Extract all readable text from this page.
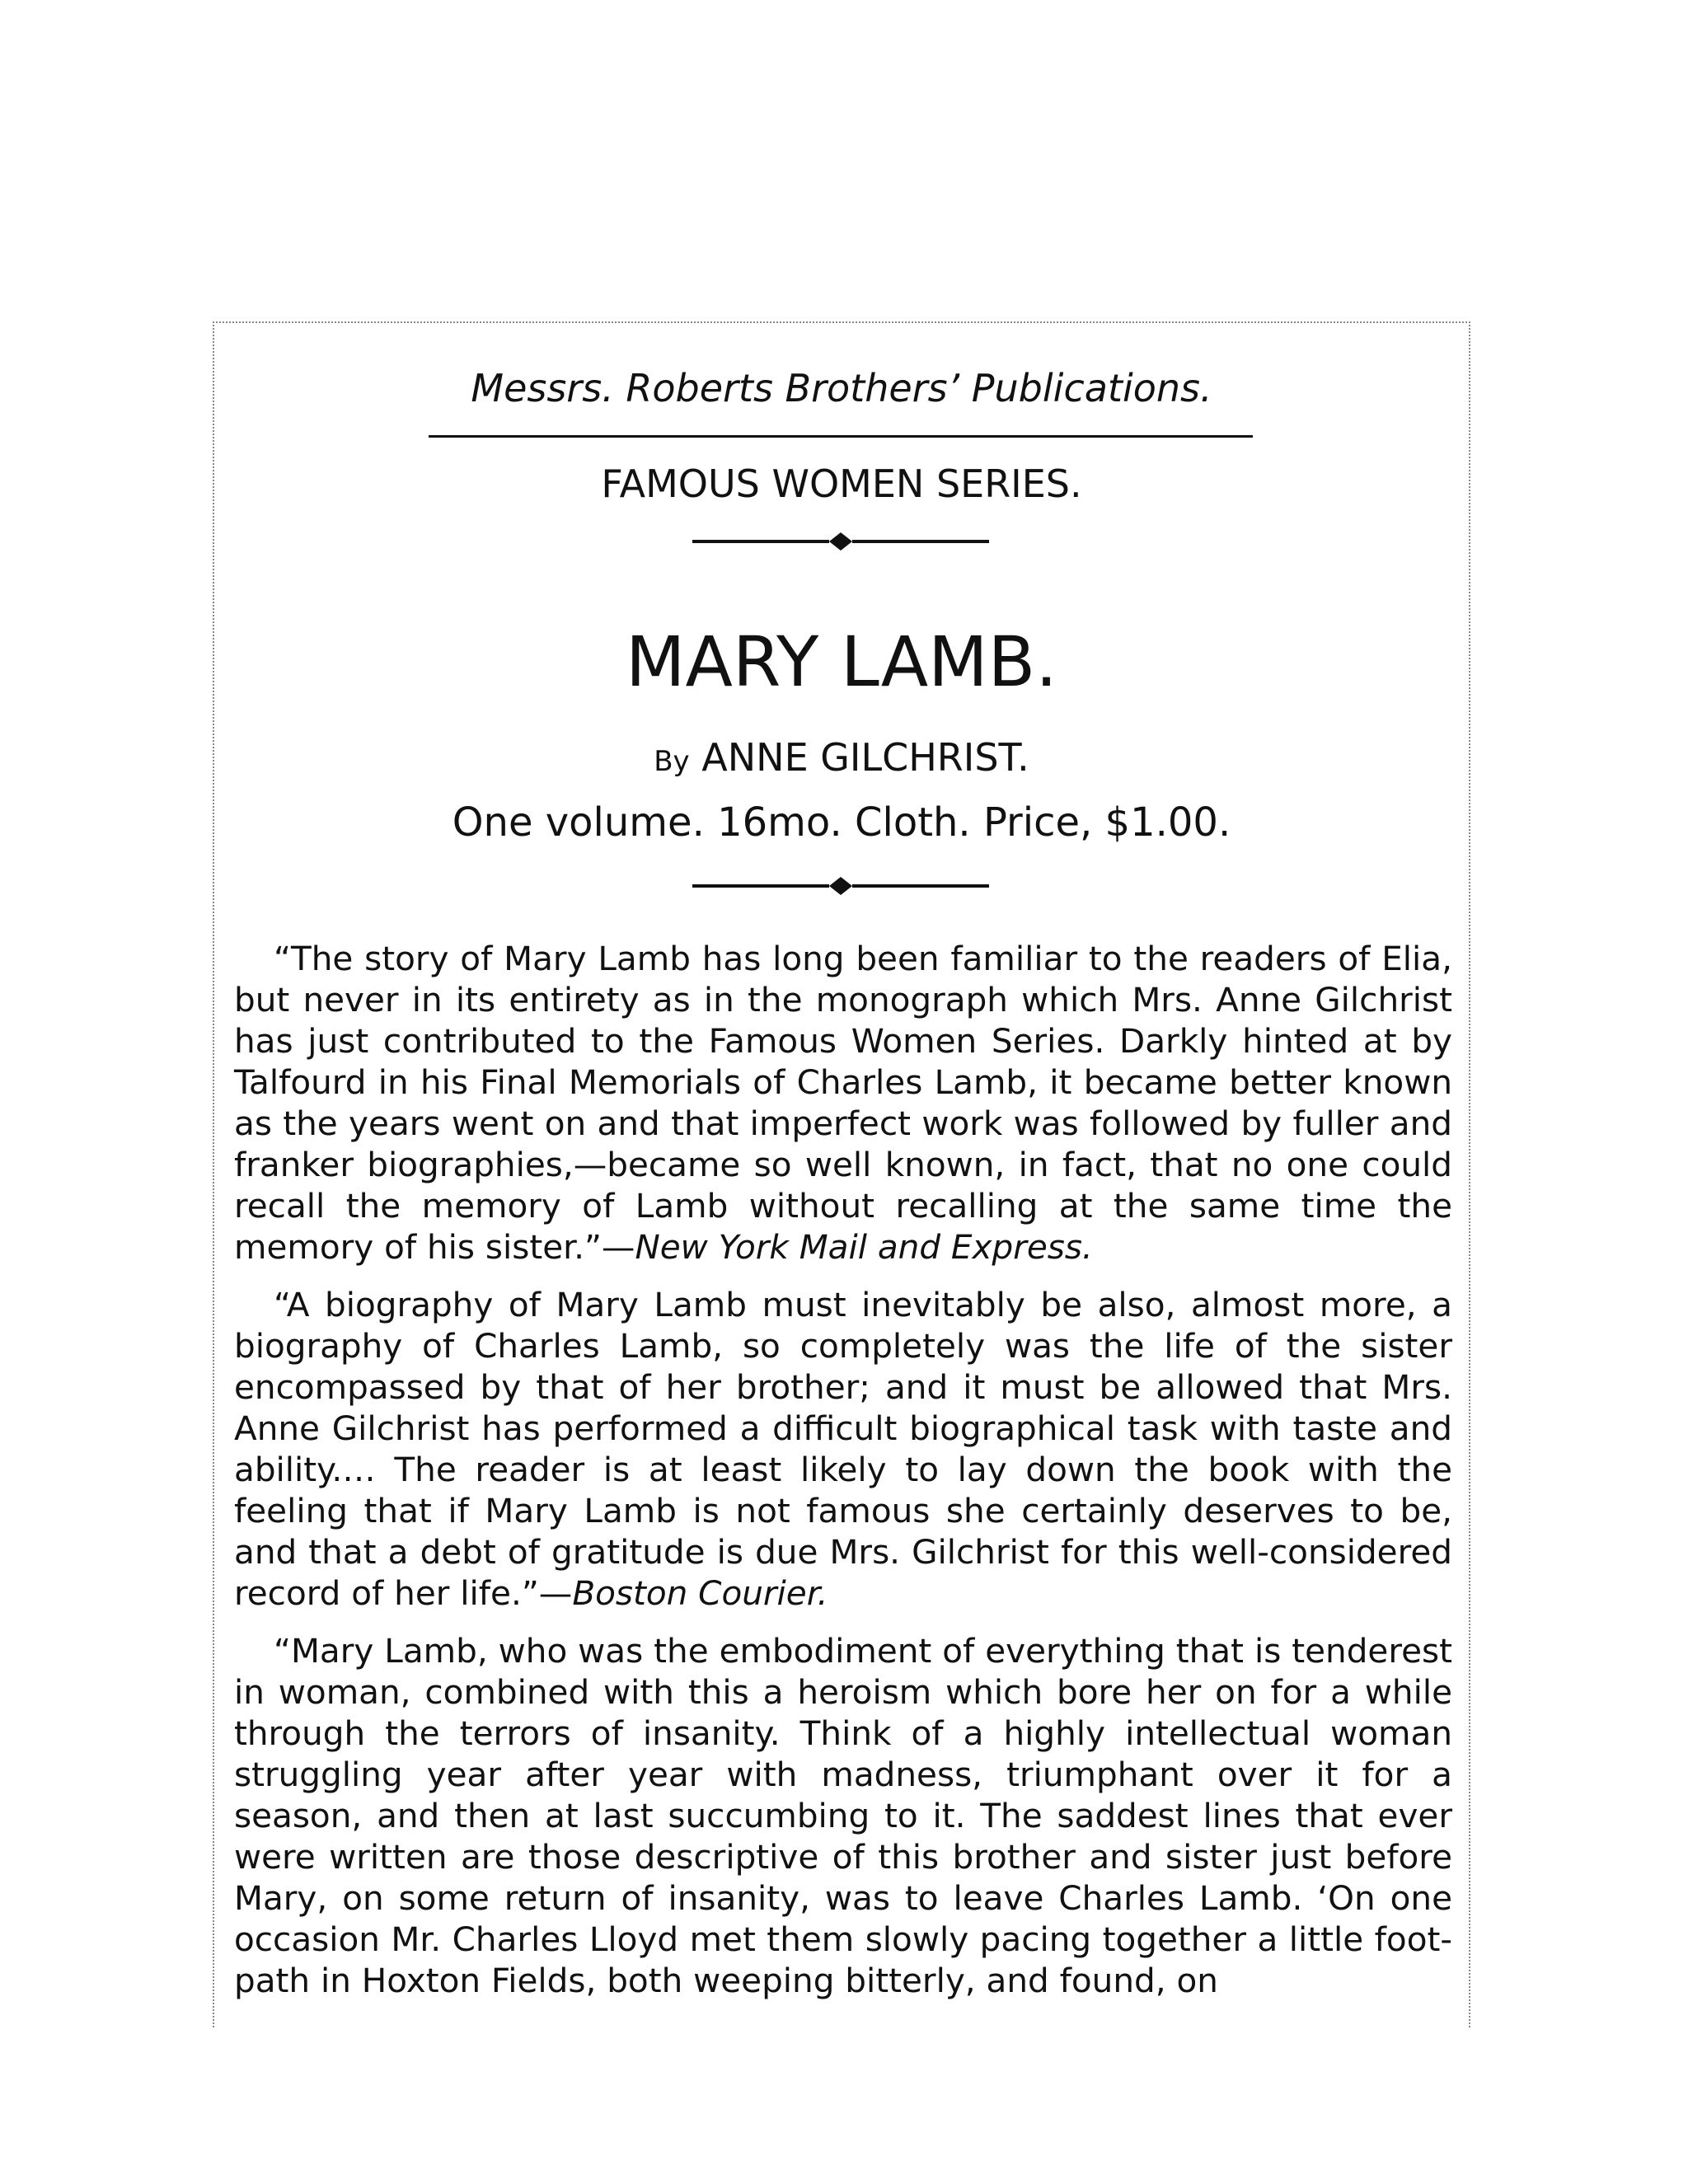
Messrs. Roberts Brothers’ Publications.
FAMOUS WOMEN SERIES.
MARY LAMB.
By ANNE GILCHRIST.
One volume. 16mo. Cloth. Price, $1.00.

“The story of Mary Lamb has long been familiar to the readers of Elia, but never in its entirety as in the monograph which Mrs. Anne Gilchrist has just contributed to the Famous Women Series. Darkly hinted at by Talfourd in his Final Memorials of Charles Lamb, it became better known as the years went on and that imperfect work was followed by fuller and franker biographies,—became so well known, in fact, that no one could recall the memory of Lamb without recalling at the same time the memory of his sister.”—New York Mail and Express.

“A biography of Mary Lamb must inevitably be also, almost more, a biography of Charles Lamb, so completely was the life of the sister encompassed by that of her brother; and it must be allowed that Mrs. Anne Gilchrist has performed a difficult biographical task with taste and ability.… The reader is at least likely to lay down the book with the feeling that if Mary Lamb is not famous she certainly deserves to be, and that a debt of gratitude is due Mrs. Gilchrist for this well-considered record of her life.”—Boston Courier.

“Mary Lamb, who was the embodiment of everything that is tenderest in woman, combined with this a heroism which bore her on for a while through the terrors of insanity. Think of a highly intellectual woman struggling year after year with madness, triumphant over it for a season, and then at last succumbing to it. The saddest lines that ever were written are those descriptive of this brother and sister just before Mary, on some return of insanity, was to leave Charles Lamb. ‘On one occasion Mr. Charles Lloyd met them slowly pacing together a little foot-path in Hoxton Fields, both weeping bitterly, and found, on
